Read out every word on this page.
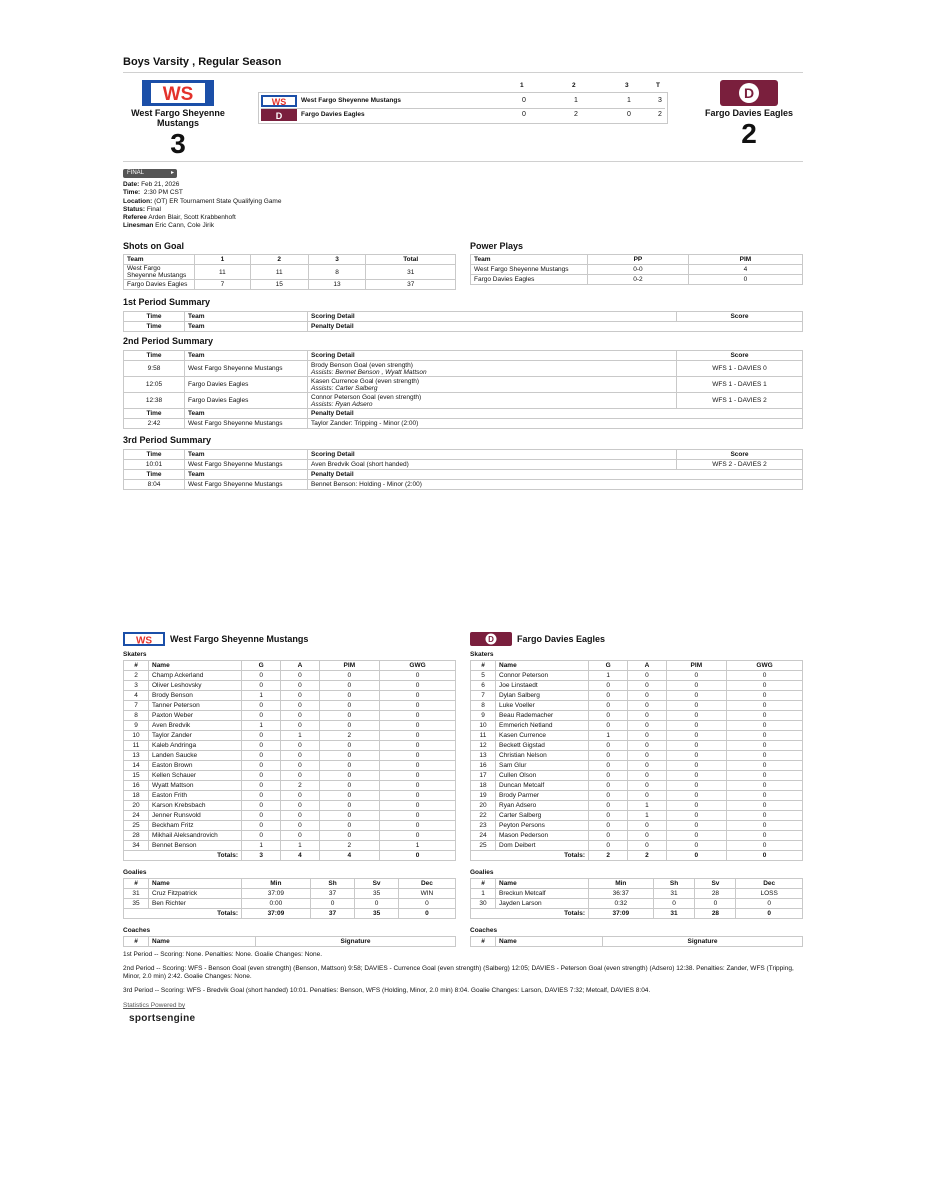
Boys Varsity , Regular Season
WS
West Fargo Sheyenne Mustangs
3
1	2	3	T
WS West Fargo Sheyenne Mustangs	0	1	1	3
D	Fargo Davies Eagles	0	2	0	2
D
Fargo Davies Eagles
2
FINAL	▸
Date: Feb 21, 2026
Time: 2:30 PM CST
Location: (OT) ER Tournament State Qualifying Game
Status: Final
Referee Arden Blair, Scott Krabbenhoft
Linesman Eric Cann, Cole Jirik
Shots on Goal
Team	1	2	3	Total
West Fargo Sheyenne Mustangs	11	11	8	31
Fargo Davies Eagles	7	15	13	37
Power Plays
Team	PP	PIM
West Fargo Sheyenne Mustangs	0-0	4
Fargo Davies Eagles	0-2	0
1st Period Summary
Time	Team	Scoring Detail	Score
Time	Team	Penalty Detail	
2nd Period Summary
Time	Team	Scoring Detail	Score
9:58	West Fargo Sheyenne Mustangs	Brody Benson Goal (even strength)
Assists: Bennet Benson , Wyatt Mattson	WFS 1 - DAVIES 0
12:05	Fargo Davies Eagles	Kasen Currence Goal (even strength)
Assists: Carter Salberg	WFS 1 - DAVIES 1
12:38	Fargo Davies Eagles	Connor Peterson Goal (even strength)
Assists: Ryan Adsero	WFS 1 - DAVIES 2
Time	Team	Penalty Detail	
2:42	West Fargo Sheyenne Mustangs	Taylor Zander: Tripping - Minor (2:00)	
3rd Period Summary
Time	Team	Scoring Detail	Score
10:01	West Fargo Sheyenne Mustangs	Aven Bredvik Goal (short handed)	WFS 2 - DAVIES 2
Time	Team	Penalty Detail	
8:04	West Fargo Sheyenne Mustangs	Bennet Benson: Holding - Minor (2:00)	
WS West Fargo Sheyenne Mustangs
Skaters
#	Name	G	A	PIM	GWG
2	Champ Ackerland	0	0	0	0
3	Oliver Leshovsky	0	0	0	0
4	Brody Benson	1	0	0	0
7	Tanner Peterson	0	0	0	0
8	Paxton Weber	0	0	0	0
9	Aven Bredvik	1	0	0	0
10	Taylor Zander	0	1	2	0
11	Kaleb Andringa	0	0	0	0
13	Landen Saucke	0	0	0	0
14	Easton Brown	0	0	0	0
15	Kellen Schauer	0	0	0	0
16	Wyatt Mattson	0	2	0	0
18	Easton Frith	0	0	0	0
20	Karson Krebsbach	0	0	0	0
24	Jenner Runsvold	0	0	0	0
25	Beckham Fritz	0	0	0	0
28	Mikhail Aleksandrovich	0	0	0	0
34	Bennet Benson	1	1	2	1
Totals:		3	4	4	0
Goalies
#	Name	Min	Sh	Sv	Dec
31	Cruz Fitzpatrick	37:09	37	35	WIN
35	Ben Richter	0:00	0	0	0
Totals:		37:09	37	35	0
Coaches
#	Name	Signature
D	Fargo Davies Eagles
Skaters
#	Name	G	A	PIM	GWG
5	Connor Peterson	1	0	0	0
6	Joe Linstaedt	0	0	0	0
7	Dylan Salberg	0	0	0	0
8	Luke Voeller	0	0	0	0
9	Beau Rademacher	0	0	0	0
10	Emmerich Netland	0	0	0	0
11	Kasen Currence	1	0	0	0
12	Beckett Gigstad	0	0	0	0
13	Christian Nelson	0	0	0	0
16	Sam Glur	0	0	0	0
17	Cullen Olson	0	0	0	0
18	Duncan Metcalf	0	0	0	0
19	Brody Parmer	0	0	0	0
20	Ryan Adsero	0	1	0	0
22	Carter Salberg	0	1	0	0
23	Peyton Persons	0	0	0	0
24	Mason Pederson	0	0	0	0
25	Dom Deibert	0	0	0	0
Totals:		2	2	0	0
Goalies
#	Name	Min	Sh	Sv	Dec
1	Breckun Metcalf	36:37	31	28	LOSS
30	Jayden Larson	0:32	0	0	0
Totals:		37:09	31	28	0
Coaches
#	Name	Signature

1st Period -- Scoring: None. Penalties: None. Goalie Changes: None.

2nd Period -- Scoring: WFS - Benson Goal (even strength) (Benson, Mattson) 9:58; DAVIES - Currence Goal (even strength) (Salberg) 12:05; DAVIES - Peterson Goal (even strength) (Adsero) 12:38. Penalties: Zander, WFS (Tripping, Minor, 2.0 min) 2:42. Goalie Changes: None.

3rd Period -- Scoring: WFS - Bredvik Goal (short handed) 10:01. Penalties: Benson, WFS (Holding, Minor, 2.0 min) 8:04. Goalie Changes: Larson, DAVIES 7:32; Metcalf, DAVIES 8:04.

Statistics Powered by
sportsengine
